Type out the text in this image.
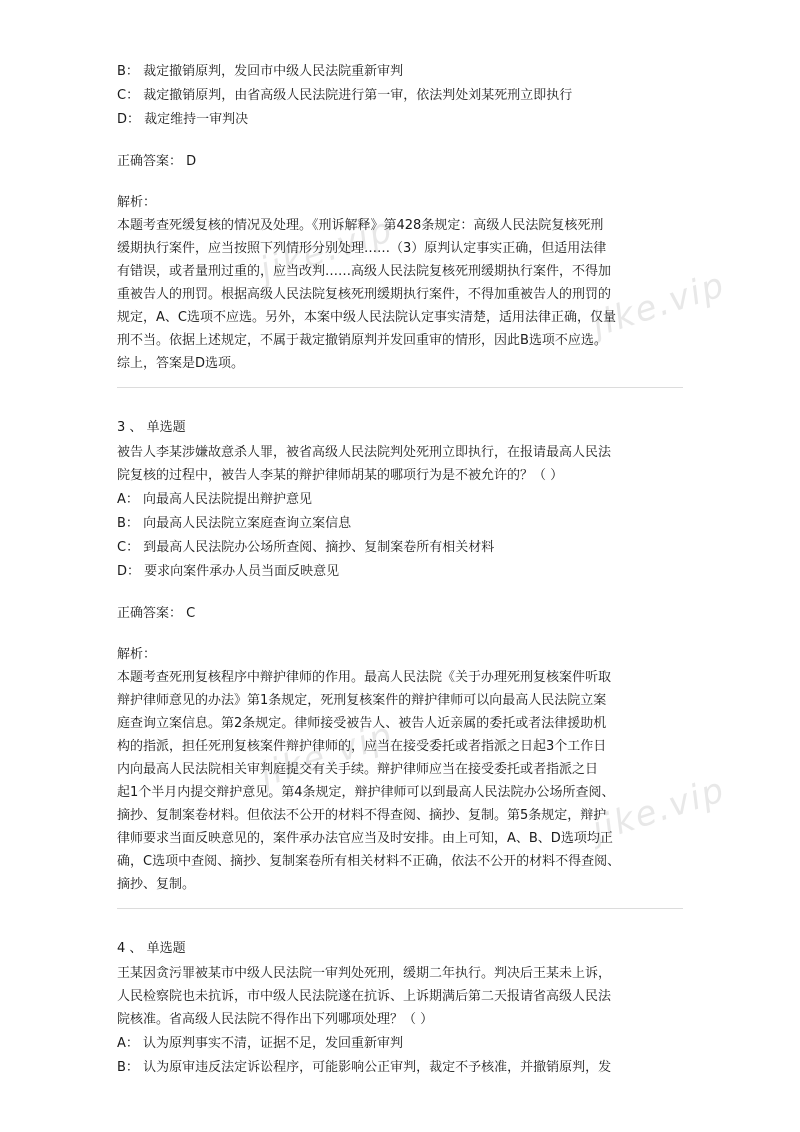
jike.vip
jike.vip
jike.vip
jike.vip
B： 裁定撤销原判，发回市中级人民法院重新审判
C： 裁定撤销原判，由省高级人民法院进行第一审，依法判处刘某死刑立即执行
D： 裁定维持一审判决
正确答案： D
解析：
本题考查死缓复核的情况及处理。《刑诉解释》第428条规定：高级人民法院复核死刑
缓期执行案件，应当按照下列情形分别处理……（3）原判认定事实正确，但适用法律
有错误，或者量刑过重的，应当改判……高级人民法院复核死刑缓期执行案件，不得加
重被告人的刑罚。根据高级人民法院复核死刑缓期执行案件，不得加重被告人的刑罚的
规定，A、C选项不应选。另外，本案中级人民法院认定事实清楚，适用法律正确，仅量
刑不当。依据上述规定，不属于裁定撤销原判并发回重审的情形，因此B选项不应选。
综上，答案是D选项。
3 、 单选题
被告人李某涉嫌故意杀人罪，被省高级人民法院判处死刑立即执行，在报请最高人民法
院复核的过程中，被告人李某的辩护律师胡某的哪项行为是不被允许的？（ ）
A： 向最高人民法院提出辩护意见
B： 向最高人民法院立案庭查询立案信息
C： 到最高人民法院办公场所查阅、摘抄、复制案卷所有相关材料
D： 要求向案件承办人员当面反映意见
正确答案： C
解析：
本题考查死刑复核程序中辩护律师的作用。最高人民法院《关于办理死刑复核案件听取
辩护律师意见的办法》第1条规定，死刑复核案件的辩护律师可以向最高人民法院立案
庭查询立案信息。第2条规定。律师接受被告人、被告人近亲属的委托或者法律援助机
构的指派，担任死刑复核案件辩护律师的，应当在接受委托或者指派之日起3个工作日
内向最高人民法院相关审判庭提交有关手续。辩护律师应当在接受委托或者指派之日
起1个半月内提交辩护意见。第4条规定，辩护律师可以到最高人民法院办公场所查阅、
摘抄、复制案卷材料。但依法不公开的材料不得查阅、摘抄、复制。第5条规定，辩护
律师要求当面反映意见的，案件承办法官应当及时安排。由上可知，A、B、D选项均正
确，C选项中查阅、摘抄、复制案卷所有相关材料不正确，依法不公开的材料不得查阅、
摘抄、复制。
4 、 单选题
王某因贪污罪被某市中级人民法院一审判处死刑，缓期二年执行。判决后王某未上诉，
人民检察院也未抗诉，市中级人民法院遂在抗诉、上诉期满后第二天报请省高级人民法
院核准。省高级人民法院不得作出下列哪项处理？（ ）
A： 认为原判事实不清，证据不足，发回重新审判
B： 认为原审违反法定诉讼程序，可能影响公正审判，裁定不予核准，并撤销原判，发
